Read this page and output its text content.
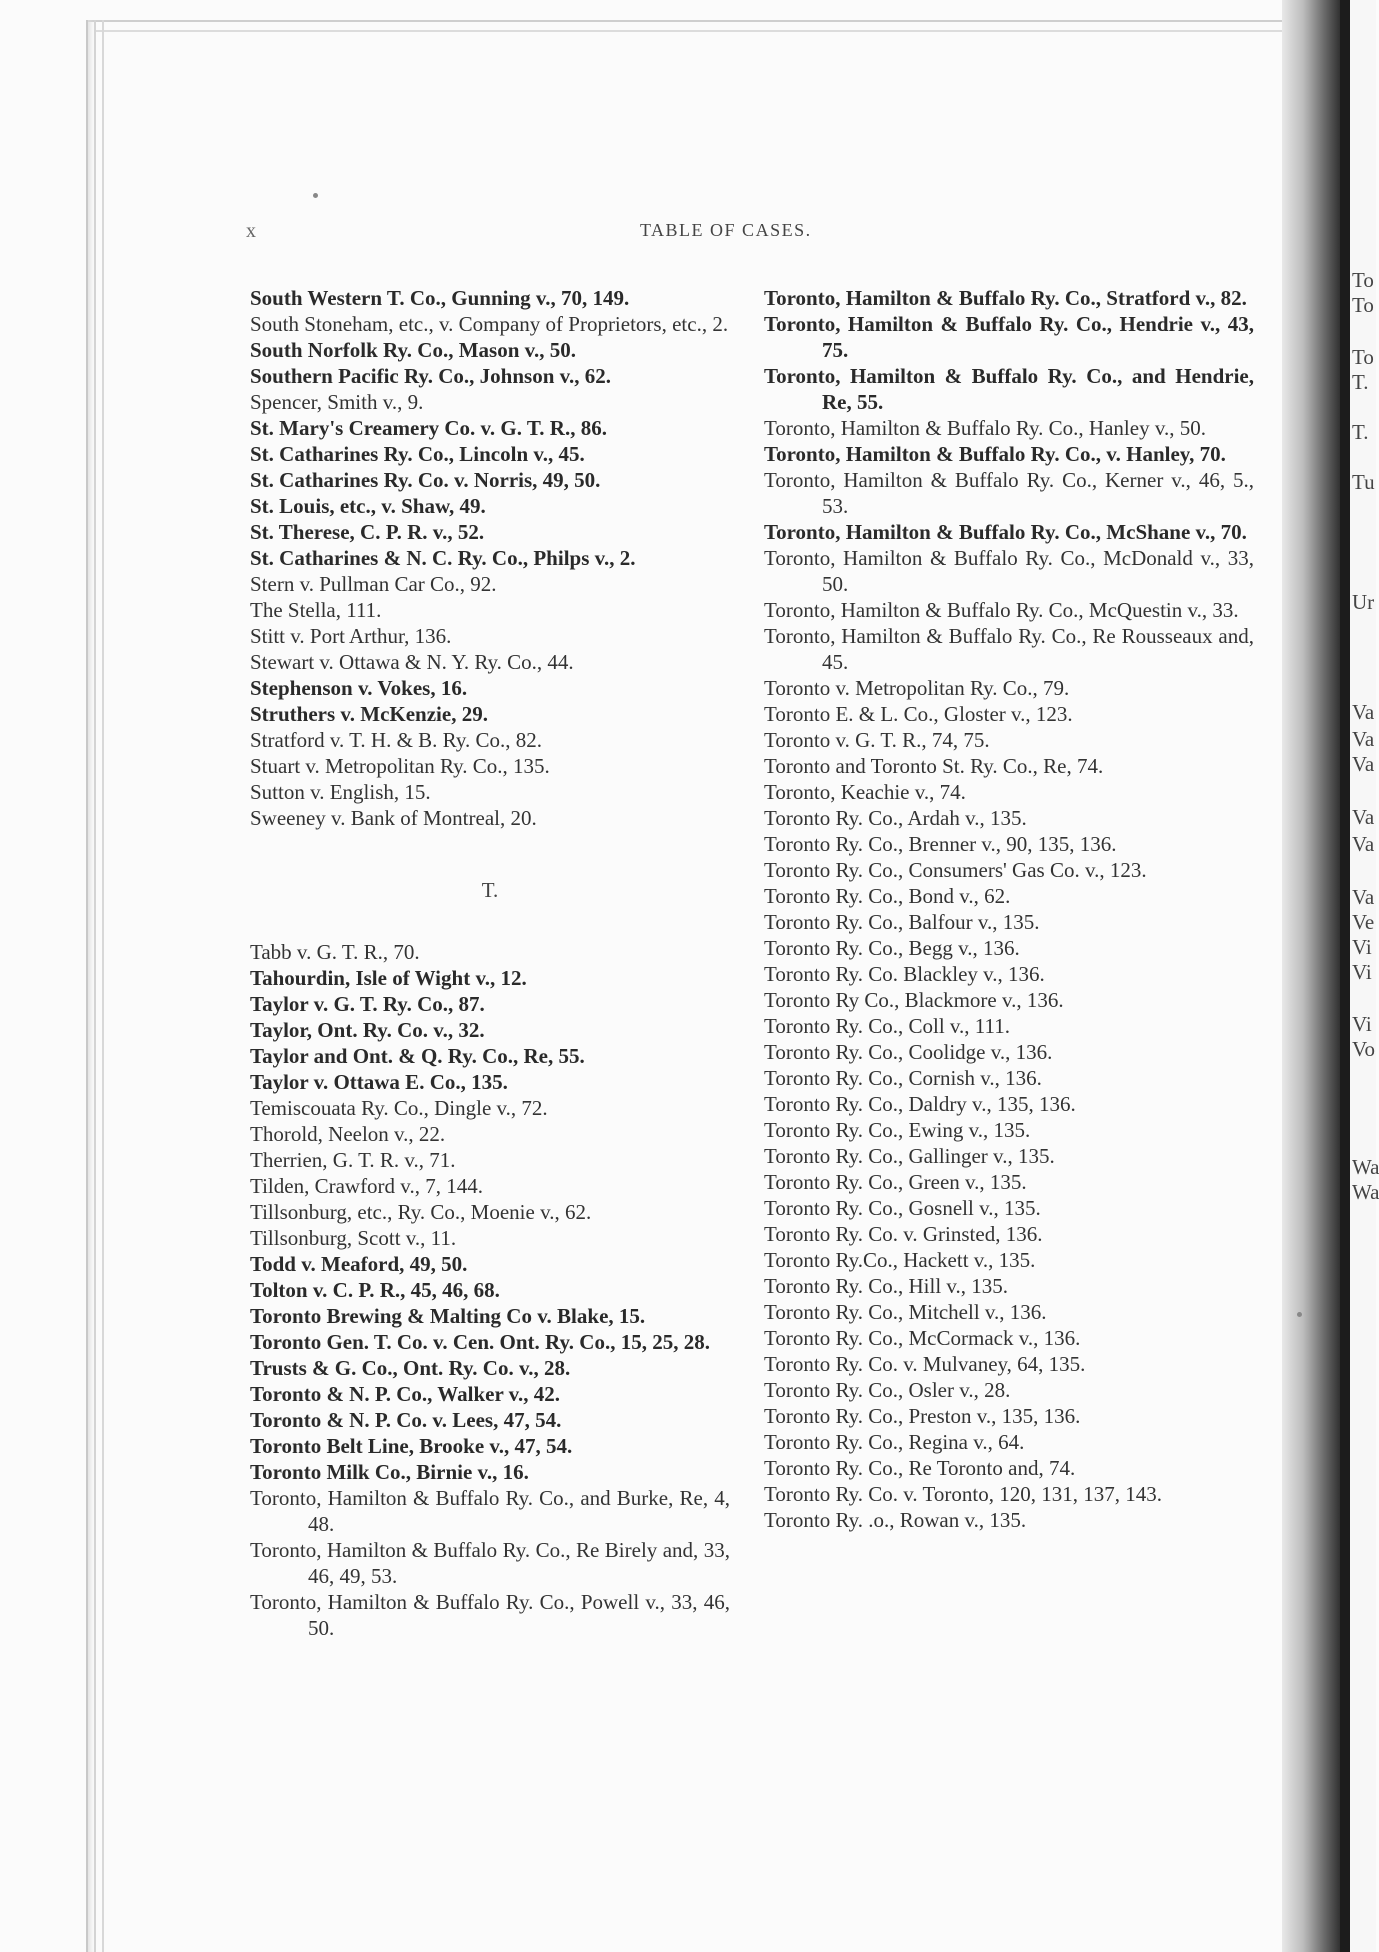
To
To
To
T.
T.
Tu
Ur
Va
Va
Va
Va
Va
Va
Ve
Vi
Vi
Vi
Vo
Wa
Wa
x	TABLE OF CASES.

South Western T. Co., Gunning v., 70, 149.

South Stoneham, etc., v. Company of Proprietors, etc., 2.

South Norfolk Ry. Co., Mason v., 50.

Southern Pacific Ry. Co., Johnson v., 62.

Spencer, Smith v., 9.

St. Mary's Creamery Co. v. G. T. R., 86.

St. Catharines Ry. Co., Lincoln v., 45.

St. Catharines Ry. Co. v. Norris, 49, 50.

St. Louis, etc., v. Shaw, 49.

St. Therese, C. P. R. v., 52.

St. Catharines & N. C. Ry. Co., Philps v., 2.

Stern v. Pullman Car Co., 92.

The Stella, 111.

Stitt v. Port Arthur, 136.

Stewart v. Ottawa & N. Y. Ry. Co., 44.

Stephenson v. Vokes, 16.

Struthers v. McKenzie, 29.

Stratford v. T. H. & B. Ry. Co., 82.

Stuart v. Metropolitan Ry. Co., 135.

Sutton v. English, 15.

Sweeney v. Bank of Montreal, 20.

T.

Tabb v. G. T. R., 70.

Tahourdin, Isle of Wight v., 12.

Taylor v. G. T. Ry. Co., 87.

Taylor, Ont. Ry. Co. v., 32.

Taylor and Ont. & Q. Ry. Co., Re, 55.

Taylor v. Ottawa E. Co., 135.

Temiscouata Ry. Co., Dingle v., 72.

Thorold, Neelon v., 22.

Therrien, G. T. R. v., 71.

Tilden, Crawford v., 7, 144.

Tillsonburg, etc., Ry. Co., Moenie v., 62.

Tillsonburg, Scott v., 11.

Todd v. Meaford, 49, 50.

Tolton v. C. P. R., 45, 46, 68.

Toronto Brewing & Malting Co v. Blake, 15.

Toronto Gen. T. Co. v. Cen. Ont. Ry. Co., 15, 25, 28.

Trusts & G. Co., Ont. Ry. Co. v., 28.

Toronto & N. P. Co., Walker v., 42.

Toronto & N. P. Co. v. Lees, 47, 54.

Toronto Belt Line, Brooke v., 47, 54.

Toronto Milk Co., Birnie v., 16.

Toronto, Hamilton & Buffalo Ry. Co., and Burke, Re, 4, 48.

Toronto, Hamilton & Buffalo Ry. Co., Re Birely and, 33, 46, 49, 53.

Toronto, Hamilton & Buffalo Ry. Co., Powell v., 33, 46, 50.

Toronto, Hamilton & Buffalo Ry. Co., Stratford v., 82.

Toronto, Hamilton & Buffalo Ry. Co., Hendrie v., 43, 75.

Toronto, Hamilton & Buffalo Ry. Co., and Hendrie, Re, 55.

Toronto, Hamilton & Buffalo Ry. Co., Hanley v., 50.

Toronto, Hamilton & Buffalo Ry. Co., v. Hanley, 70.

Toronto, Hamilton & Buffalo Ry. Co., Kerner v., 46, 5., 53.

Toronto, Hamilton & Buffalo Ry. Co., McShane v., 70.

Toronto, Hamilton & Buffalo Ry. Co., McDonald v., 33, 50.

Toronto, Hamilton & Buffalo Ry. Co., McQuestin v., 33.

Toronto, Hamilton & Buffalo Ry. Co., Re Rousseaux and, 45.

Toronto v. Metropolitan Ry. Co., 79.

Toronto E. & L. Co., Gloster v., 123.

Toronto v. G. T. R., 74, 75.

Toronto and Toronto St. Ry. Co., Re, 74.

Toronto, Keachie v., 74.

Toronto Ry. Co., Ardah v., 135.

Toronto Ry. Co., Brenner v., 90, 135, 136.

Toronto Ry. Co., Consumers' Gas Co. v., 123.

Toronto Ry. Co., Bond v., 62.

Toronto Ry. Co., Balfour v., 135.

Toronto Ry. Co., Begg v., 136.

Toronto Ry. Co. Blackley v., 136.

Toronto Ry Co., Blackmore v., 136.

Toronto Ry. Co., Coll v., 111.

Toronto Ry. Co., Coolidge v., 136.

Toronto Ry. Co., Cornish v., 136.

Toronto Ry. Co., Daldry v., 135, 136.

Toronto Ry. Co., Ewing v., 135.

Toronto Ry. Co., Gallinger v., 135.

Toronto Ry. Co., Green v., 135.

Toronto Ry. Co., Gosnell v., 135.

Toronto Ry. Co. v. Grinsted, 136.

Toronto Ry.Co., Hackett v., 135.

Toronto Ry. Co., Hill v., 135.

Toronto Ry. Co., Mitchell v., 136.

Toronto Ry. Co., McCormack v., 136.

Toronto Ry. Co. v. Mulvaney, 64, 135.

Toronto Ry. Co., Osler v., 28.

Toronto Ry. Co., Preston v., 135, 136.

Toronto Ry. Co., Regina v., 64.

Toronto Ry. Co., Re Toronto and, 74.

Toronto Ry. Co. v. Toronto, 120, 131, 137, 143.

Toronto Ry. .o., Rowan v., 135.
